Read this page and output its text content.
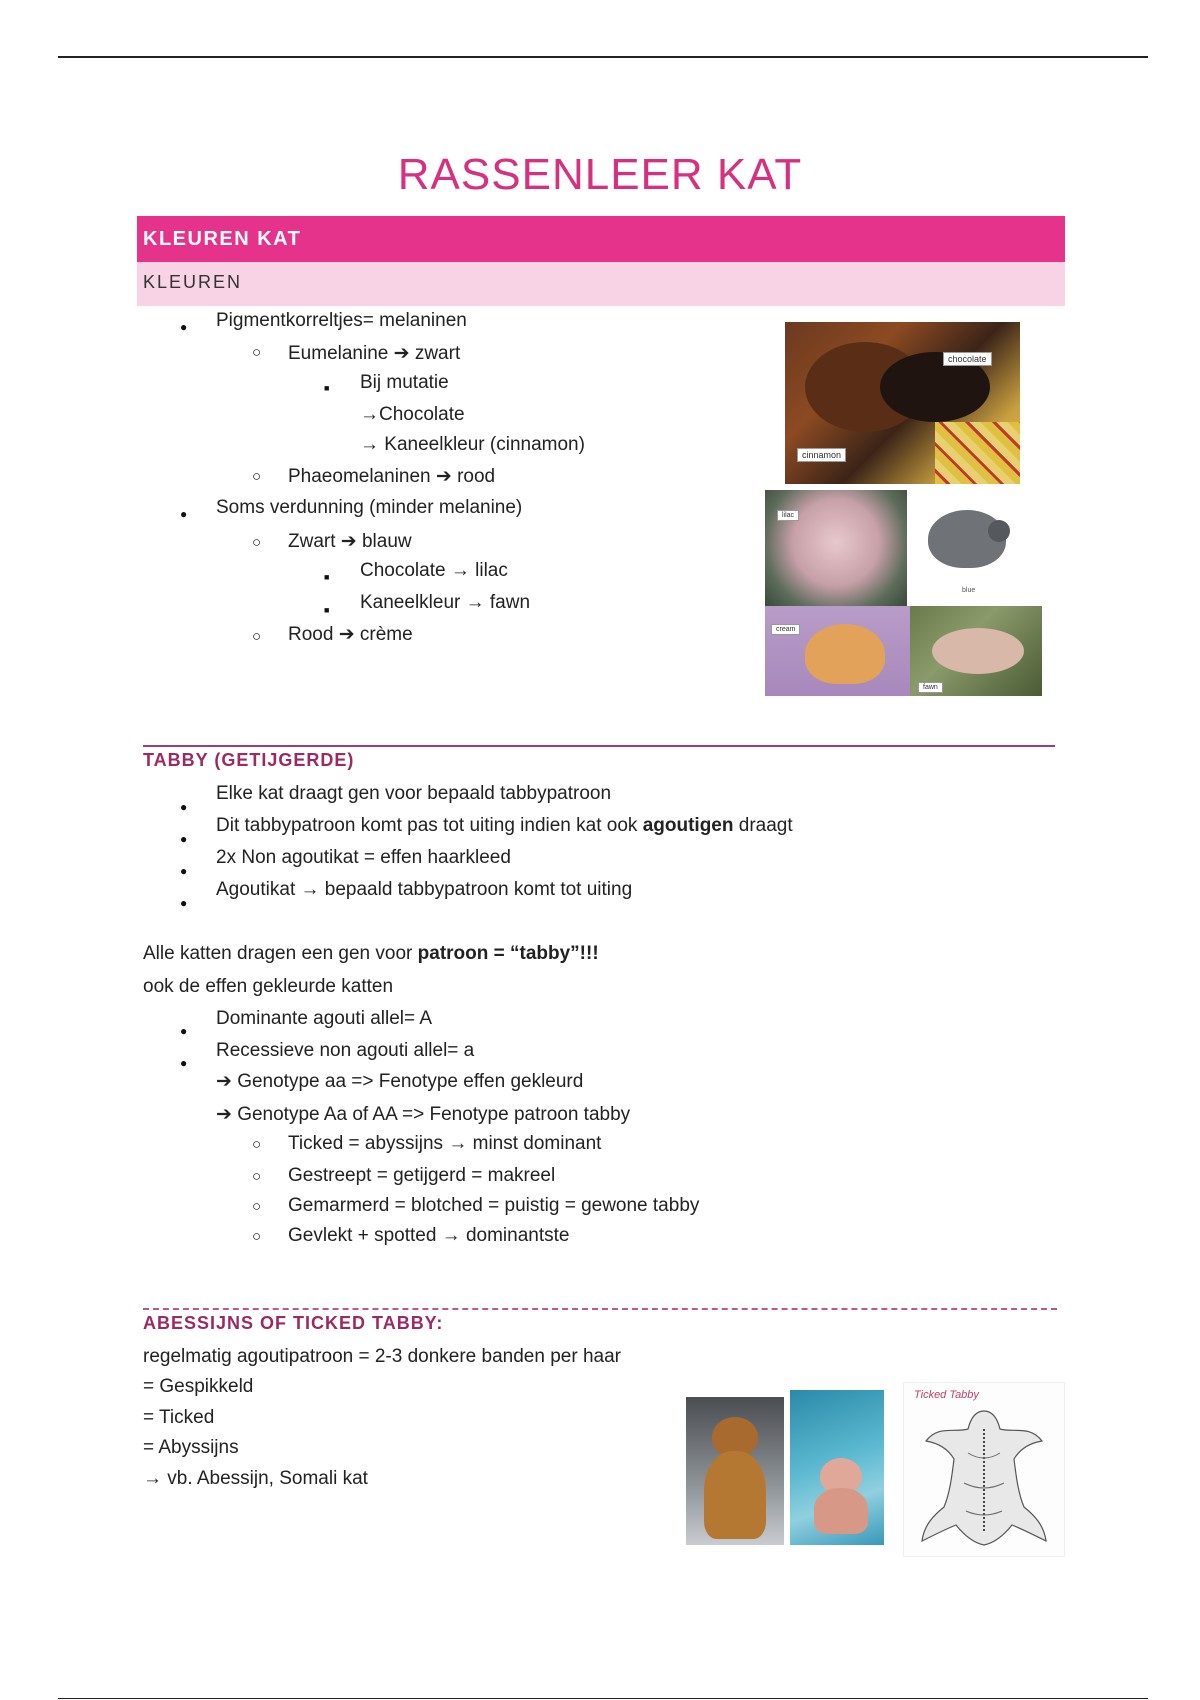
RASSENLEER KAT
KLEUREN KAT
KLEUREN
●
Pigmentkorreltjes= melaninen
○
Eumelanine ➔ zwart
■
Bij mutatie
→Chocolate
→ Kaneelkleur (cinnamon)
○
Phaeomelaninen ➔ rood
●
Soms verdunning (minder melanine)
○
Zwart ➔ blauw
■
Chocolate → lilac
■
Kaneelkleur → fawn
○
Rood ➔ crème
chocolate
cinnamon
lilac
blue
cream
fawn
TABBY (GETIJGERDE)
●
Elke kat draagt gen voor bepaald tabbypatroon
●
Dit tabbypatroon komt pas tot uiting indien kat ook agoutigen draagt
●
2x Non agoutikat = effen haarkleed
●
Agoutikat → bepaald tabbypatroon komt tot uiting
Alle katten dragen een gen voor patroon = “tabby”!!!
ook de effen gekleurde katten
●
Dominante agouti allel= A
●
Recessieve non agouti allel= a
➔ Genotype aa => Fenotype effen gekleurd
➔ Genotype Aa of AA => Fenotype patroon tabby
○
Ticked = abyssijns → minst dominant
○
Gestreept = getijgerd = makreel
○
Gemarmerd = blotched = puistig = gewone tabby
○
Gevlekt + spotted → dominantste
ABESSIJNS OF TICKED TABBY:
regelmatig agoutipatroon = 2-3 donkere banden per haar
= Gespikkeld
= Ticked
= Abyssijns
→ vb. Abessijn, Somali kat
Ticked Tabby
